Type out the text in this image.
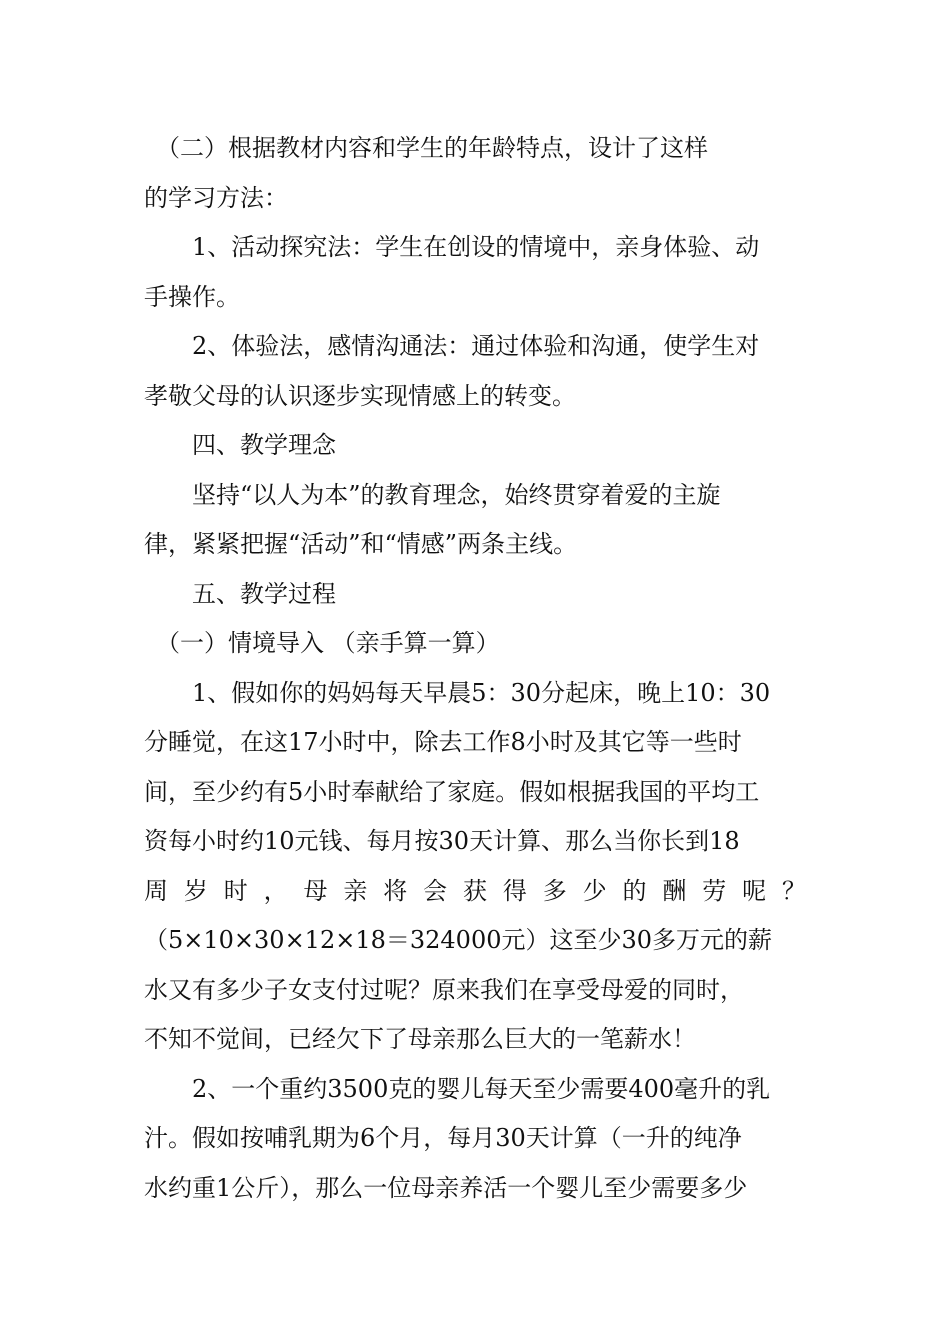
　（二）根据教材内容和学生的年龄特点，设计了这样

的学习方法：

　　1、活动探究法：学生在创设的情境中，亲身体验、动

手操作。

　　2、体验法，感情沟通法：通过体验和沟通，使学生对

孝敬父母的认识逐步实现情感上的转变。

　　四、教学理念

　　坚持“以人为本”的教育理念，始终贯穿着爱的主旋

律，紧紧把握“活动”和“情感”两条主线。

　　五、教学过程

　（一）情境导入 （亲手算一算）

　　1、假如你的妈妈每天早晨5：30分起床，晚上10：30

分睡觉，在这17小时中，除去工作8小时及其它等一些时

间，至少约有5小时奉献给了家庭。假如根据我国的平均工

资每小时约10元钱、每月按30天计算、那么当你长到18

周岁时，母亲将会获得多少的酬劳呢？

（5×10×30×12×18＝324000元）这至少30多万元的薪

水又有多少子女支付过呢？原来我们在享受母爱的同时，

不知不觉间，已经欠下了母亲那么巨大的一笔薪水！

　　2、一个重约3500克的婴儿每天至少需要400毫升的乳

汁。假如按哺乳期为6个月，每月30天计算（一升的纯净

水约重1公斤），那么一位母亲养活一个婴儿至少需要多少
